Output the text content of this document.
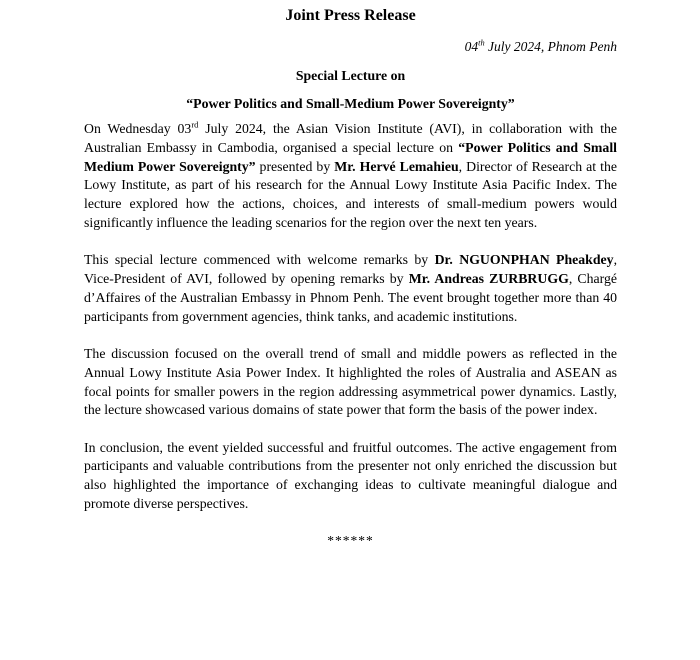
Joint Press Release
04th July 2024, Phnom Penh
Special Lecture on
“Power Politics and Small-Medium Power Sovereignty”

On Wednesday 03rd July 2024, the Asian Vision Institute (AVI), in collaboration with the Australian Embassy in Cambodia, organised a special lecture on “Power Politics and Small Medium Power Sovereignty” presented by Mr. Hervé Lemahieu, Director of Research at the Lowy Institute, as part of his research for the Annual Lowy Institute Asia Pacific Index. The lecture explored how the actions, choices, and interests of small-medium powers would significantly influence the leading scenarios for the region over the next ten years.

This special lecture commenced with welcome remarks by Dr. NGUONPHAN Pheakdey, Vice-President of AVI, followed by opening remarks by Mr. Andreas ZURBRUGG, Chargé d’Affaires of the Australian Embassy in Phnom Penh. The event brought together more than 40 participants from government agencies, think tanks, and academic institutions.

The discussion focused on the overall trend of small and middle powers as reflected in the Annual Lowy Institute Asia Power Index. It highlighted the roles of Australia and ASEAN as focal points for smaller powers in the region addressing asymmetrical power dynamics. Lastly, the lecture showcased various domains of state power that form the basis of the power index.

In conclusion, the event yielded successful and fruitful outcomes. The active engagement from participants and valuable contributions from the presenter not only enriched the discussion but also highlighted the importance of exchanging ideas to cultivate meaningful dialogue and promote diverse perspectives.

******
